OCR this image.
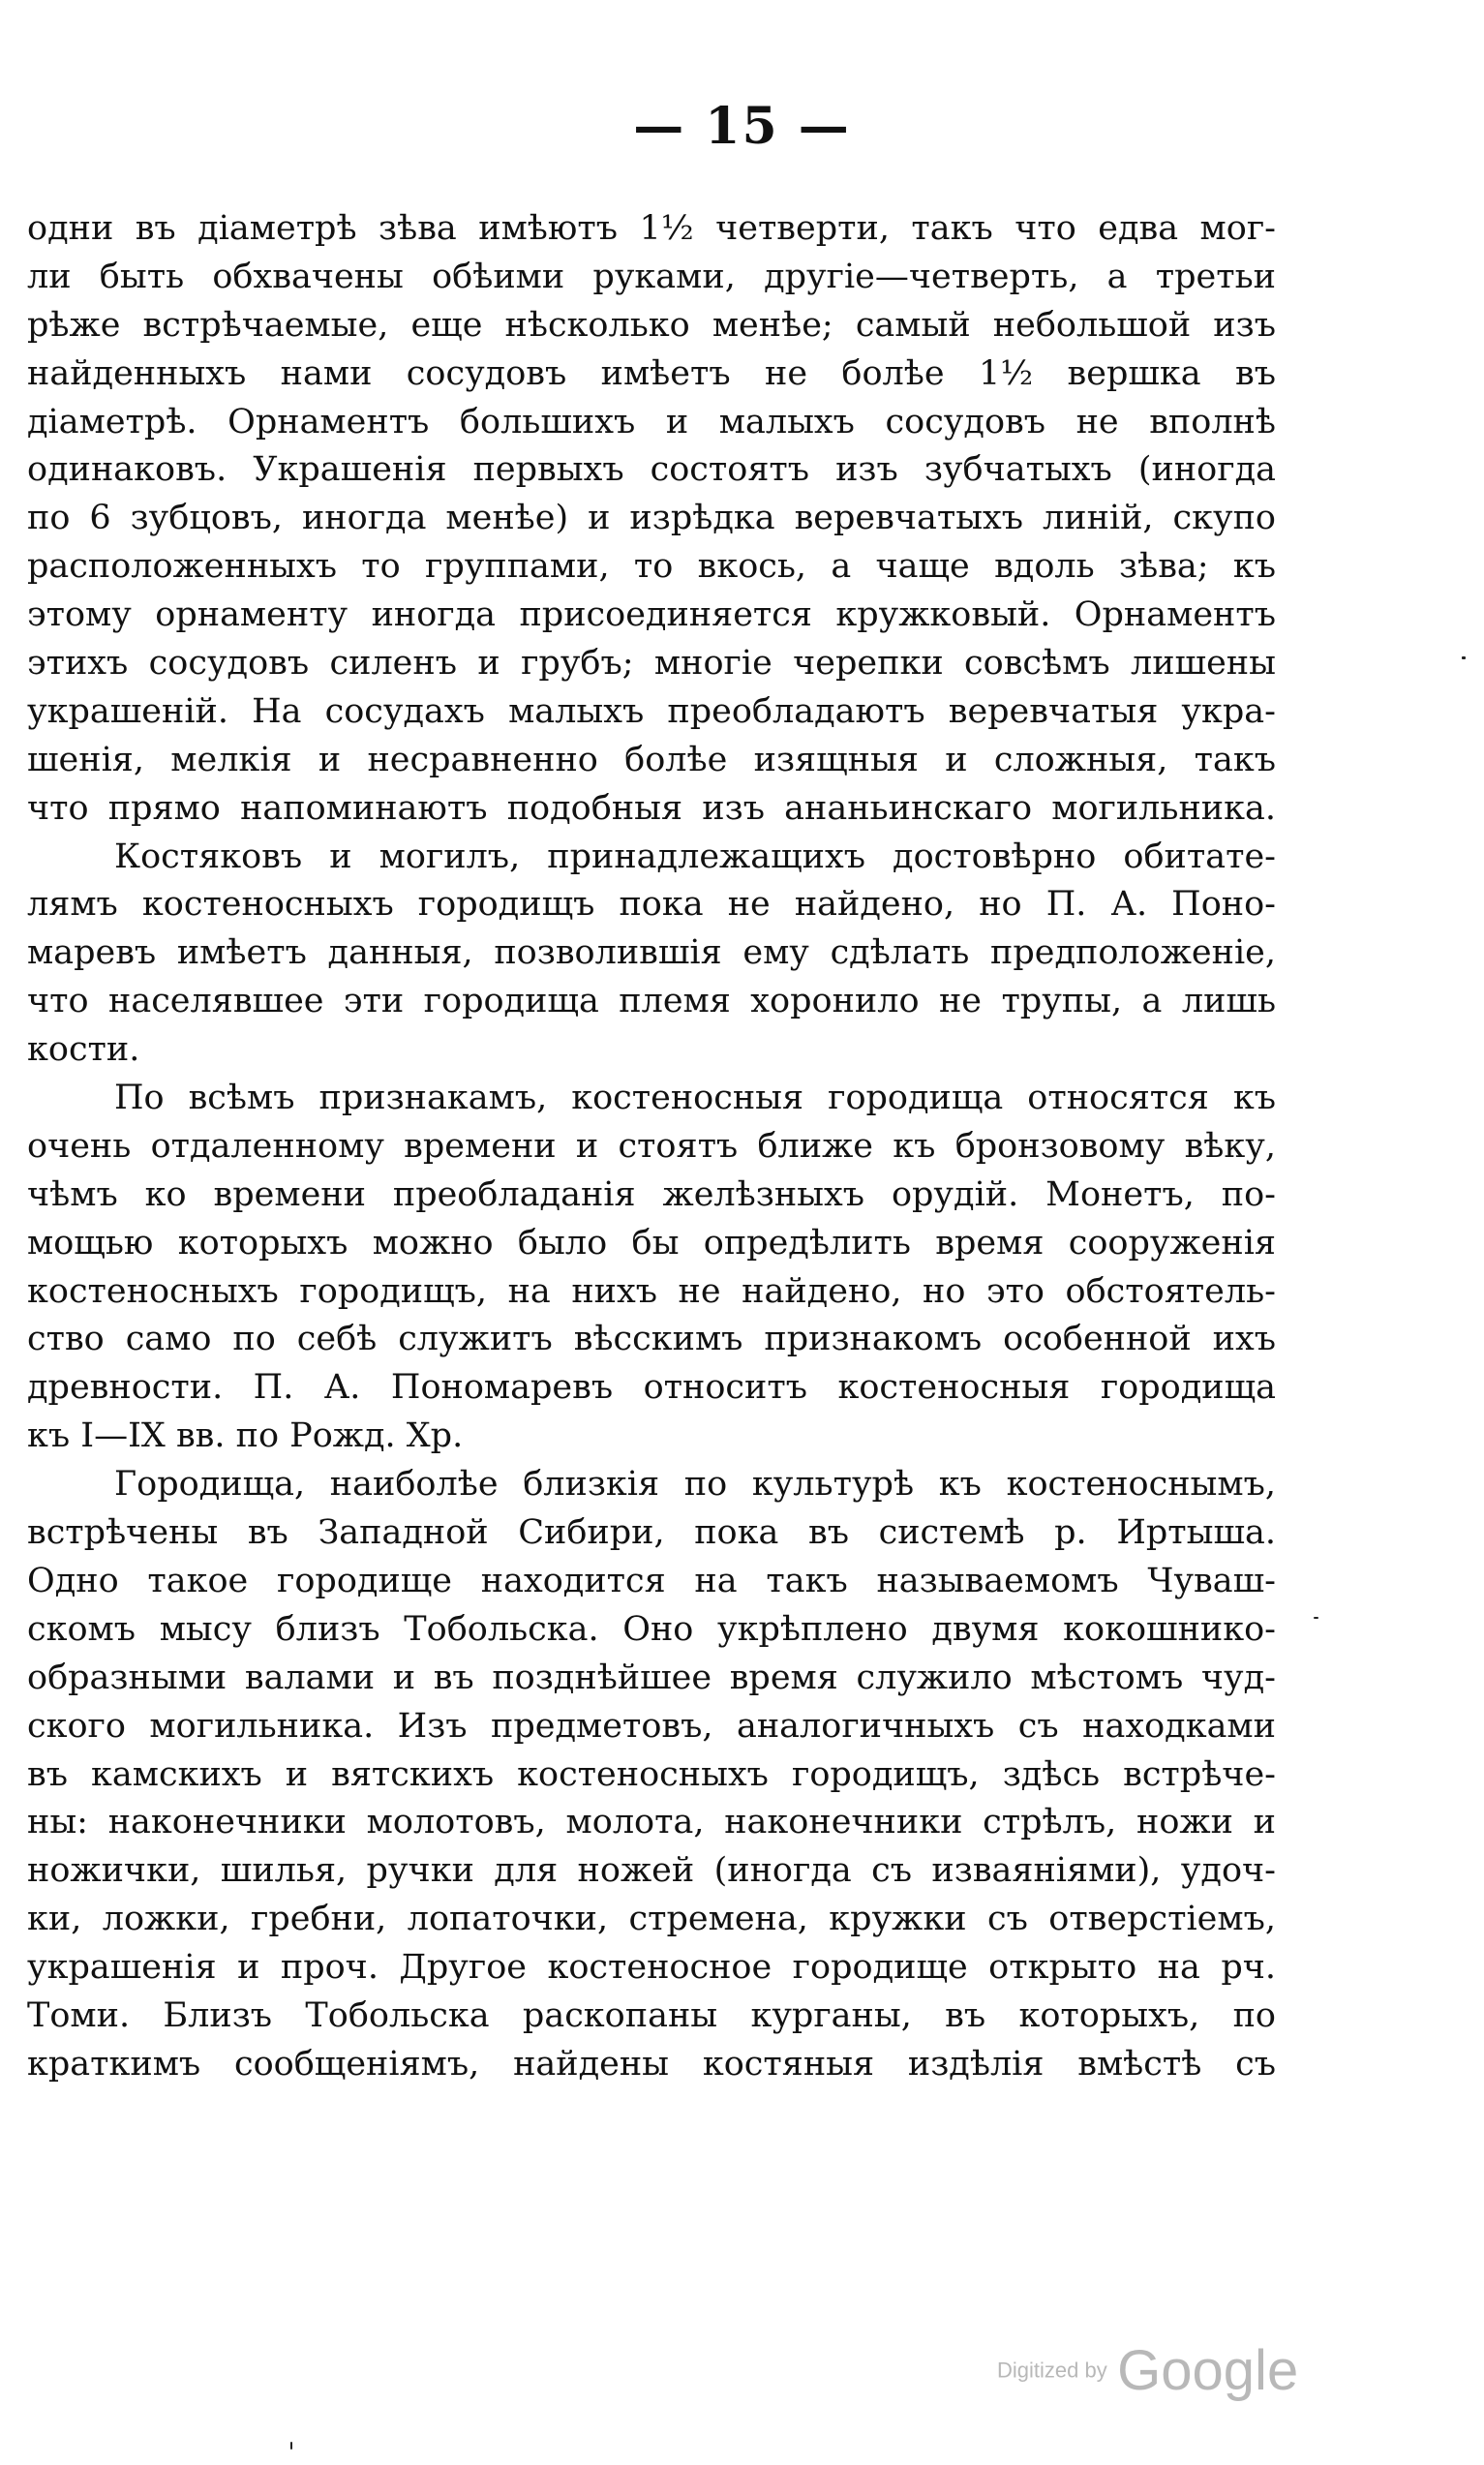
— 15 —
одни въ діаметрѣ зѣва имѣютъ 1½ четверти, такъ что едва мог-
ли быть обхвачены обѣими руками, другіе—четверть, а третьи
рѣже встрѣчаемые, еще нѣсколько менѣе; самый небольшой изъ
найденныхъ нами сосудовъ имѣетъ не болѣе 1½ вершка въ
діаметрѣ. Орнаментъ большихъ и малыхъ сосудовъ не вполнѣ
одинаковъ. Украшенія первыхъ состоятъ изъ зубчатыхъ (иногда
по 6 зубцовъ, иногда менѣе) и изрѣдка веревчатыхъ линій, скупо
расположенныхъ то группами, то вкось, а чаще вдоль зѣва; къ
этому орнаменту иногда присоединяется кружковый. Орнаментъ
этихъ сосудовъ силенъ и грубъ; многіе черепки совсѣмъ лишены
украшеній. На сосудахъ малыхъ преобладаютъ веревчатыя укра-
шенія, мелкія и несравненно болѣе изящныя и сложныя, такъ
что прямо напоминаютъ подобныя изъ ананьинскаго могильника.
Костяковъ и могилъ, принадлежащихъ достовѣрно обитате-
лямъ костеносныхъ городищъ пока не найдено, но П. А. Поно-
маревъ имѣетъ данныя, позволившія ему сдѣлать предположеніе,
что населявшее эти городища племя хоронило не трупы, а лишь
кости.
По всѣмъ признакамъ, костеносныя городища относятся къ
очень отдаленному времени и стоятъ ближе къ бронзовому вѣку,
чѣмъ ко времени преобладанія желѣзныхъ орудій. Монетъ, по-
мощью которыхъ можно было бы опредѣлить время сооруженія
костеносныхъ городищъ, на нихъ не найдено, но это обстоятель-
ство само по себѣ служитъ вѣсскимъ признакомъ особенной ихъ
древности. П. А. Пономаревъ относитъ костеносныя городища
къ I—IX вв. по Рожд. Хр.
Городища, наиболѣе близкія по культурѣ къ костеноснымъ,
встрѣчены въ Западной Сибири, пока въ системѣ р. Иртыша.
Одно такое городище находится на такъ называемомъ Чуваш-
скомъ мысу близъ Тобольска. Оно укрѣплено двумя кокошнико-
образными валами и въ позднѣйшее время служило мѣстомъ чуд-
ского могильника. Изъ предметовъ, аналогичныхъ съ находками
въ камскихъ и вятскихъ костеносныхъ городищъ, здѣсь встрѣче-
ны: наконечники молотовъ, молота, наконечники стрѣлъ, ножи и
ножички, шилья, ручки для ножей (иногда съ изваяніями), удоч-
ки, ложки, гребни, лопаточки, стремена, кружки съ отверстіемъ,
украшенія и проч. Другое костеносное городище открыто на рч.
Томи. Близъ Тобольска раскопаны курганы, въ которыхъ, по
краткимъ сообщеніямъ, найдены костяныя издѣлія вмѣстѣ съ
Digitized by Google
